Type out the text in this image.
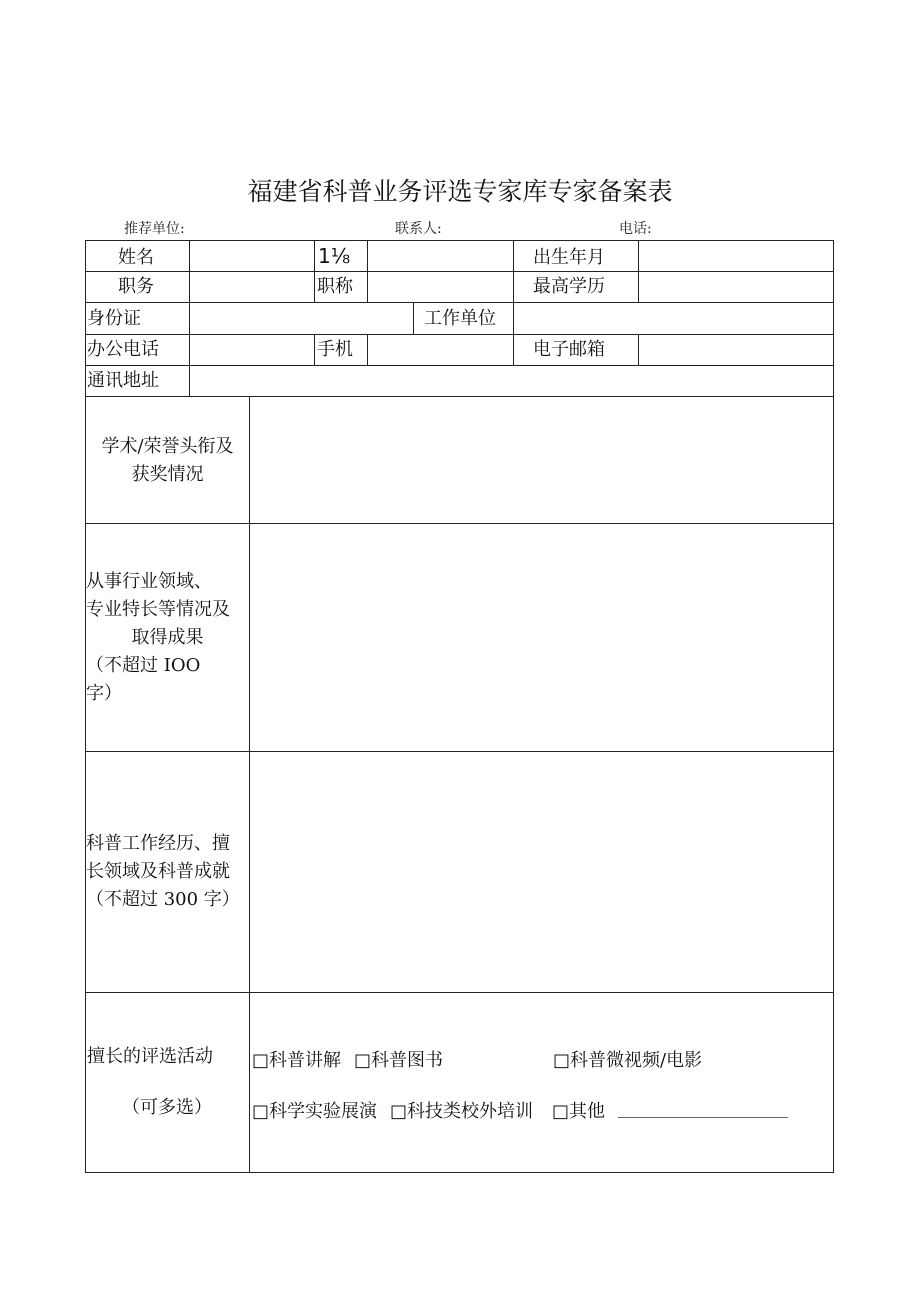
福建省科普业务评选专家库专家备案表
推荐单位:	联系人:	电话:
姓名	1⅛	出生年月
职务	职称	最高学历
身份证	工作单位
办公电话	手机	电子邮箱
通讯地址
学术/荣誉头衔及
获奖情况
从事行业领域、
专业特长等情况及
取得成果
（不超过 IOO
字）
科普工作经历、擅
长领域及科普成就
（不超过 300 字）
擅长的评选活动
（可多选）
□科普讲解 □科普图书	□科普微视频/电影
□科学实验展演 □科技类校外培训 □其他
